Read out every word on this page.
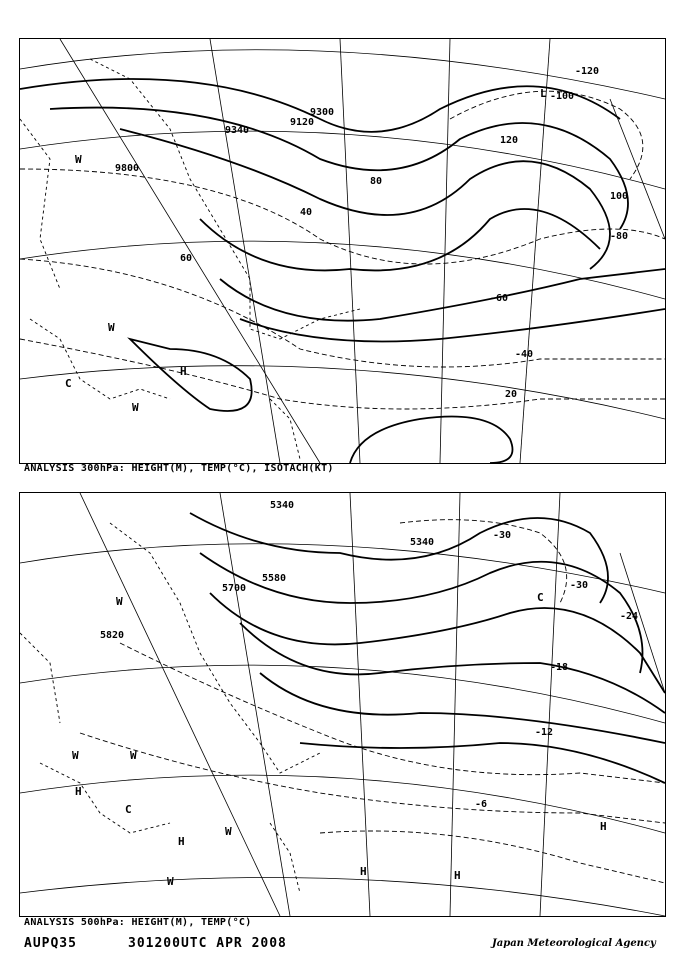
9120
9300
9340
9800
40
60
80
100
120
20
-40
-60
-80
-100
-120
H
W
W
W
C
L
ANALYSIS 300hPa: HEIGHT(M), TEMP(°C), ISOTACH(KT)
5340
5340
5580
5700
5820
-30
-30
-24
-18
-12
-6
H
H
H	H
H
C
C
W
W
W
W
W
ANALYSIS 500hPa: HEIGHT(M), TEMP(°C)
AUPQ35	301200UTC APR 2008	Japan Meteorological Agency
